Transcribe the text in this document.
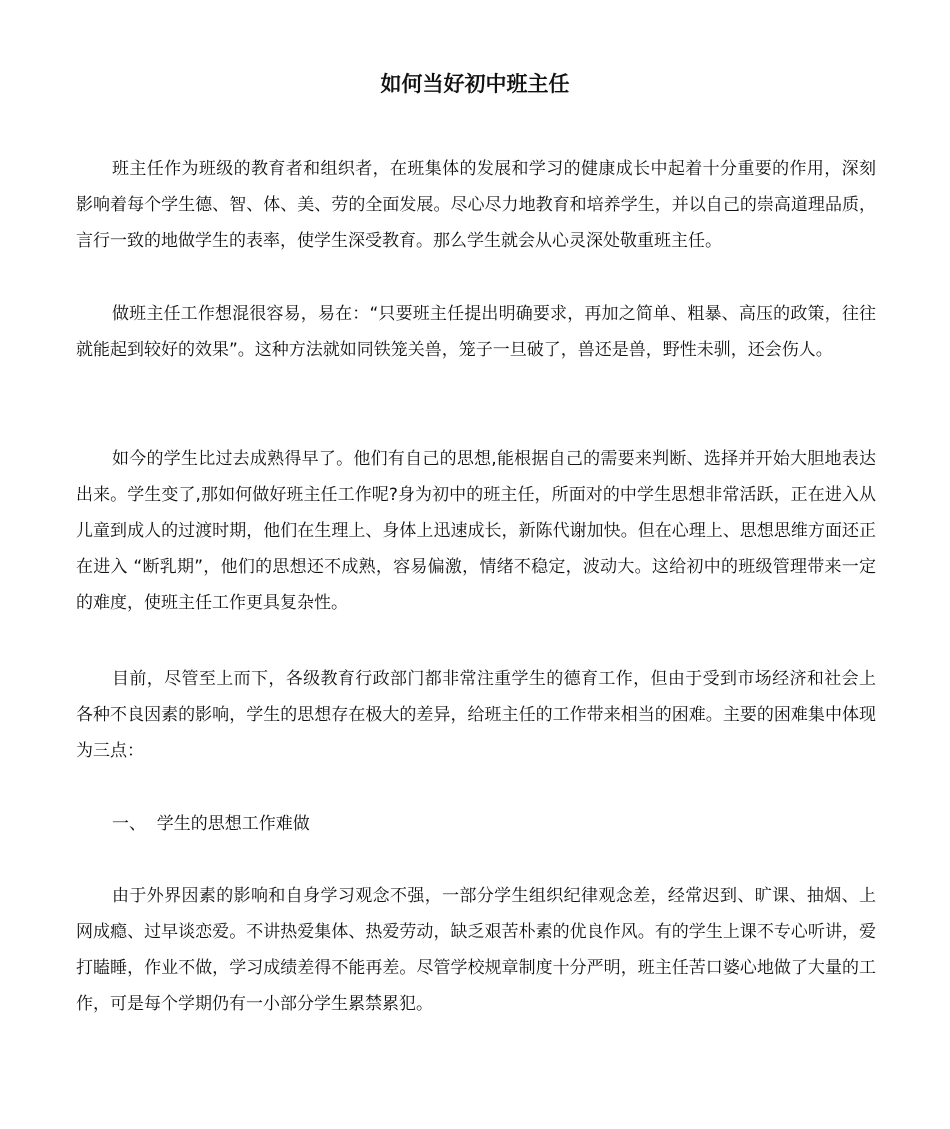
如何当好初中班主任

班主任作为班级的教育者和组织者，在班集体的发展和学习的健康成长中起着十分重要的作用，深刻影响着每个学生德、智、体、美、劳的全面发展。尽心尽力地教育和培养学生，并以自己的崇高道理品质，言行一致的地做学生的表率，使学生深受教育。那么学生就会从心灵深处敬重班主任。

做班主任工作想混很容易，易在：“只要班主任提出明确要求，再加之简单、粗暴、高压的政策，往往就能起到较好的效果”。这种方法就如同铁笼关兽，笼子一旦破了，兽还是兽，野性未驯，还会伤人。

如今的学生比过去成熟得早了。他们有自己的思想,能根据自己的需要来判断、选择并开始大胆地表达出来。学生变了,那如何做好班主任工作呢?身为初中的班主任，所面对的中学生思想非常活跃，正在进入从儿童到成人的过渡时期，他们在生理上、身体上迅速成长，新陈代谢加快。但在心理上、思想思维方面还正在进入 “断乳期”，他们的思想还不成熟，容易偏激，情绪不稳定，波动大。这给初中的班级管理带来一定的难度，使班主任工作更具复杂性。

目前，尽管至上而下，各级教育行政部门都非常注重学生的德育工作，但由于受到市场经济和社会上各种不良因素的影响，学生的思想存在极大的差异，给班主任的工作带来相当的困难。主要的困难集中体现为三点：

一、  学生的思想工作难做

由于外界因素的影响和自身学习观念不强，一部分学生组织纪律观念差，经常迟到、旷课、抽烟、上网成瘾、过早谈恋爱。不讲热爱集体、热爱劳动，缺乏艰苦朴素的优良作风。有的学生上课不专心听讲，爱打瞌睡，作业不做，学习成绩差得不能再差。尽管学校规章制度十分严明，班主任苦口婆心地做了大量的工作，可是每个学期仍有一小部分学生累禁累犯。
